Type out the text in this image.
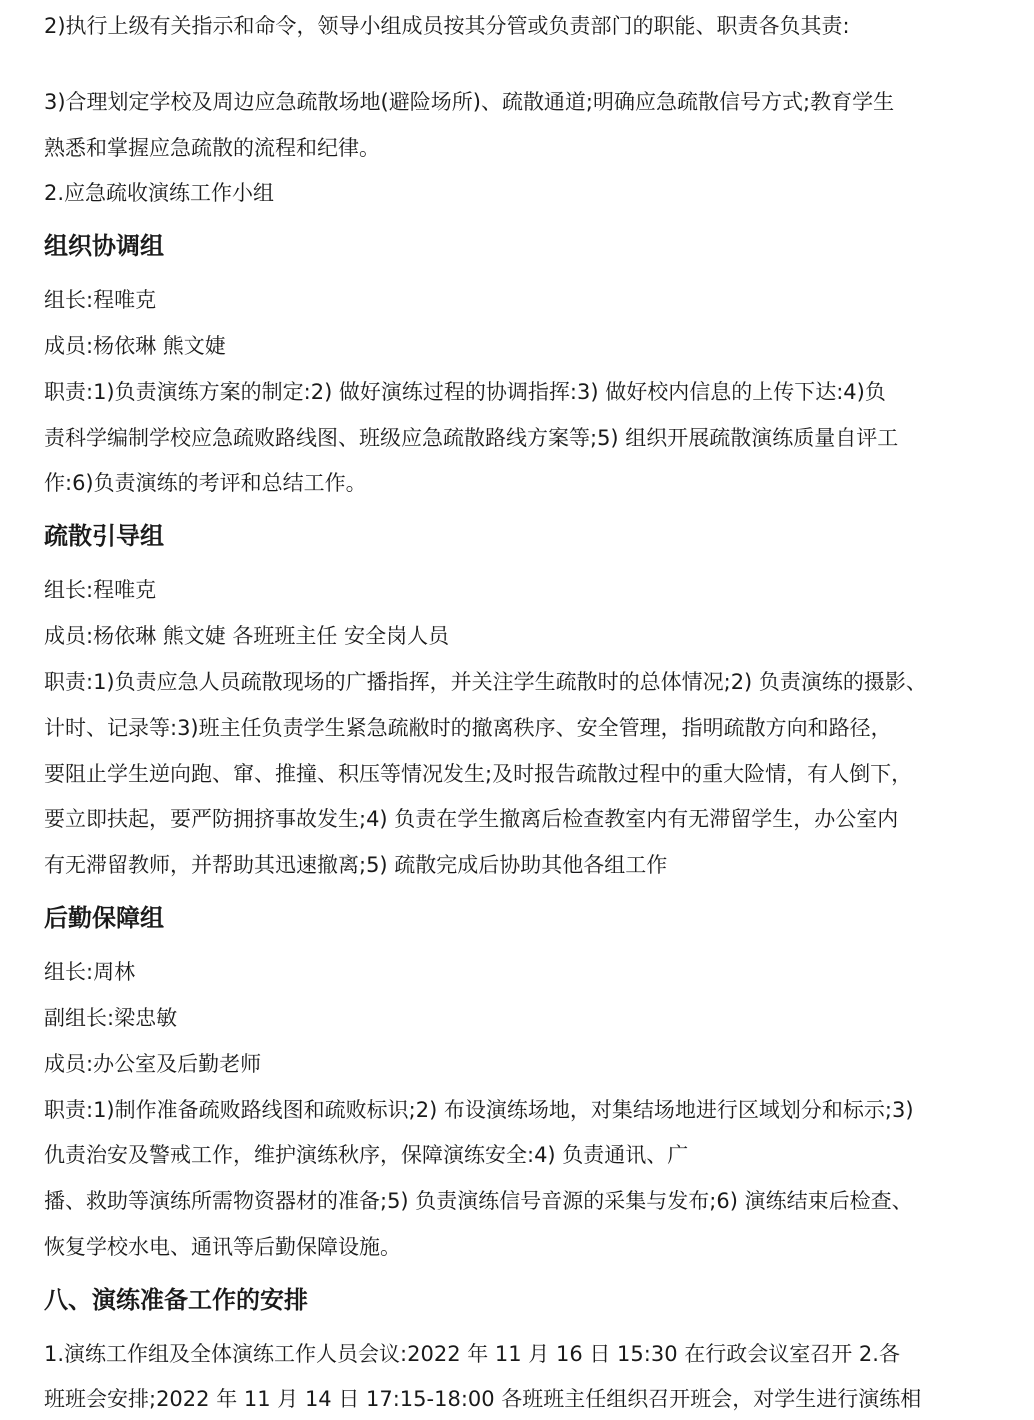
2)执行上级有关指示和命令，领导小组成员按其分管或负责部门的职能、职责各负其责:

3)合理划定学校及周边应急疏散场地(避险场所)、疏散通道;明确应急疏散信号方式;教育学生

熟悉和掌握应急疏散的流程和纪律。

2.应急疏收演练工作小组

组织协调组

组长:程唯克

成员:杨依琳 熊文婕

职责:1)负责演练方案的制定:2) 做好演练过程的协调指挥:3) 做好校内信息的上传下达:4)负

责科学编制学校应急疏败路线图、班级应急疏散路线方案等;5) 组织开展疏散演练质量自评工

作:6)负责演练的考评和总结工作。

疏散引导组

组长:程唯克

成员:杨依琳 熊文婕 各班班主任 安全岗人员

职责:1)负责应急人员疏散现场的广播指挥，并关注学生疏散时的总体情况;2) 负责演练的摄影、

计时、记录等:3)班主任负责学生紧急疏敝时的撤离秩序、安全管理，指明疏散方向和路径，

要阻止学生逆向跑、窜、推撞、积压等情况发生;及时报告疏散过程中的重大险情，有人倒下，

要立即扶起，要严防拥挤事故发生;4) 负责在学生撤离后检查教室内有无滞留学生，办公室内

有无滞留教师，并帮助其迅速撤离;5) 疏散完成后协助其他各组工作

后勤保障组

组长:周林

副组长:梁忠敏

成员:办公室及后勤老师

职责:1)制作准备疏败路线图和疏败标识;2) 布设演练场地，对集结场地进行区域划分和标示;3)

仇责治安及警戒工作，维护演练秋序，保障演练安全:4) 负责通讯、广

播、救助等演练所需物资器材的准备;5) 负责演练信号音源的采集与发布;6) 演练结束后检查、

恢复学校水电、通讯等后勤保障设施。

八、演练准备工作的安排

1.演练工作组及全体演练工作人员会议:2022 年 11 月 16 日 15:30 在行政会议室召开 2.各

班班会安排;2022 年 11 月 14 日 17:15-18:00 各班班主任组织召开班会，对学生进行演练相
